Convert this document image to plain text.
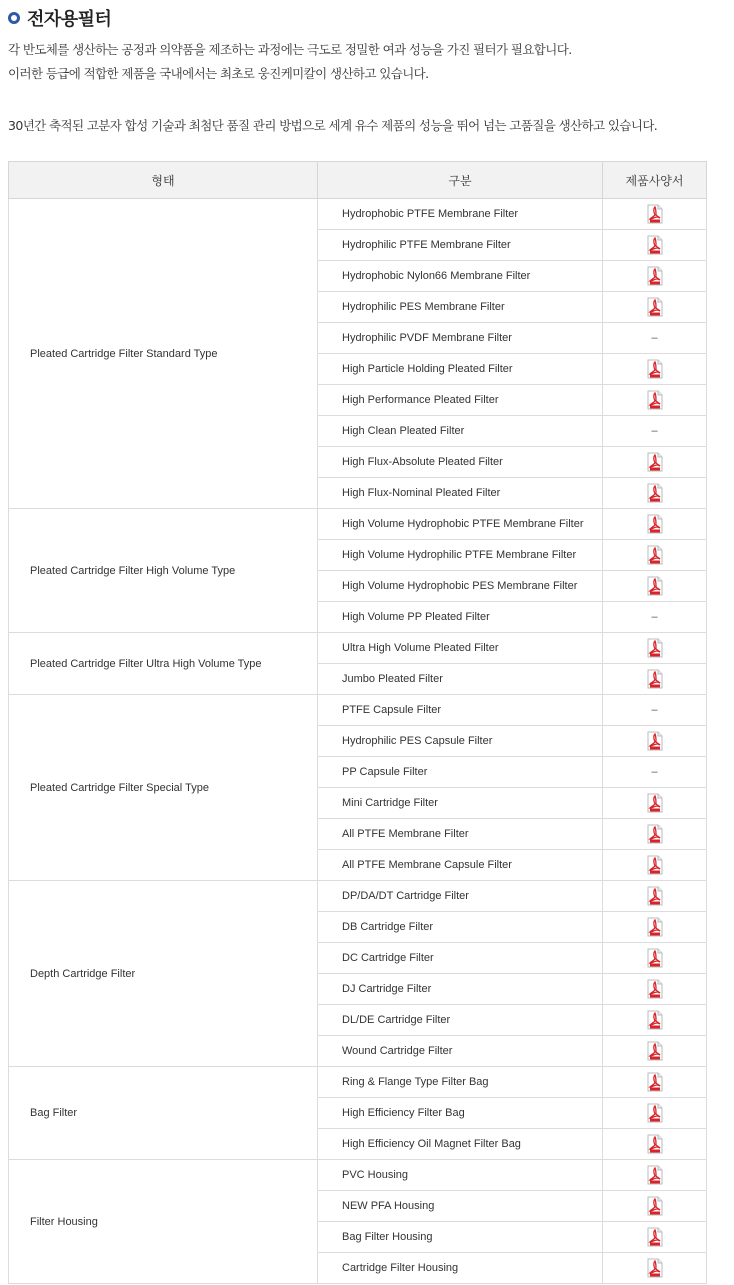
전자용필터
각 반도체를 생산하는 공정과 의약품을 제조하는 과정에는 극도로 정밀한 여과 성능을 가진 필터가 필요합니다.
이러한 등급에 적합한 제품을 국내에서는 최초로 웅진케미칼이 생산하고 있습니다.
30년간 축적된 고분자 합성 기술과 최첨단 품질 관리 방법으로 세계 유수 제품의 성능을 뛰어 넘는 고품질을 생산하고 있습니다.
형태	구분	제품사양서
Pleated Cartridge Filter Standard Type	Hydrophobic PTFE Membrane Filter	
	Hydrophilic PTFE Membrane Filter	
	Hydrophobic Nylon66 Membrane Filter	
	Hydrophilic PES Membrane Filter	
	Hydrophilic PVDF Membrane Filter	–
	High Particle Holding Pleated Filter	
	High Performance Pleated Filter	
	High Clean Pleated Filter	–
	High Flux-Absolute Pleated Filter	
	High Flux-Nominal Pleated Filter	
Pleated Cartridge Filter High Volume Type	High Volume Hydrophobic PTFE Membrane Filter	
	High Volume Hydrophilic PTFE Membrane Filter	
	High Volume Hydrophobic PES Membrane Filter	
	High Volume PP Pleated Filter	–
Pleated Cartridge Filter Ultra High Volume Type	Ultra High Volume Pleated Filter	
	Jumbo Pleated Filter	
Pleated Cartridge Filter Special Type	PTFE Capsule Filter	–
	Hydrophilic PES Capsule Filter	
	PP Capsule Filter	–
	Mini Cartridge Filter	
	All PTFE Membrane Filter	
	All PTFE Membrane Capsule Filter	
Depth Cartridge Filter	DP/DA/DT Cartridge Filter	
	DB Cartridge Filter	
	DC Cartridge Filter	
	DJ Cartridge Filter	
	DL/DE Cartridge Filter	
	Wound Cartridge Filter	
Bag Filter	Ring & Flange Type Filter Bag	
	High Efficiency Filter Bag	
	High Efficiency Oil Magnet Filter Bag	
Filter Housing	PVC Housing	
	NEW PFA Housing	
	Bag Filter Housing	
	Cartridge Filter Housing	
